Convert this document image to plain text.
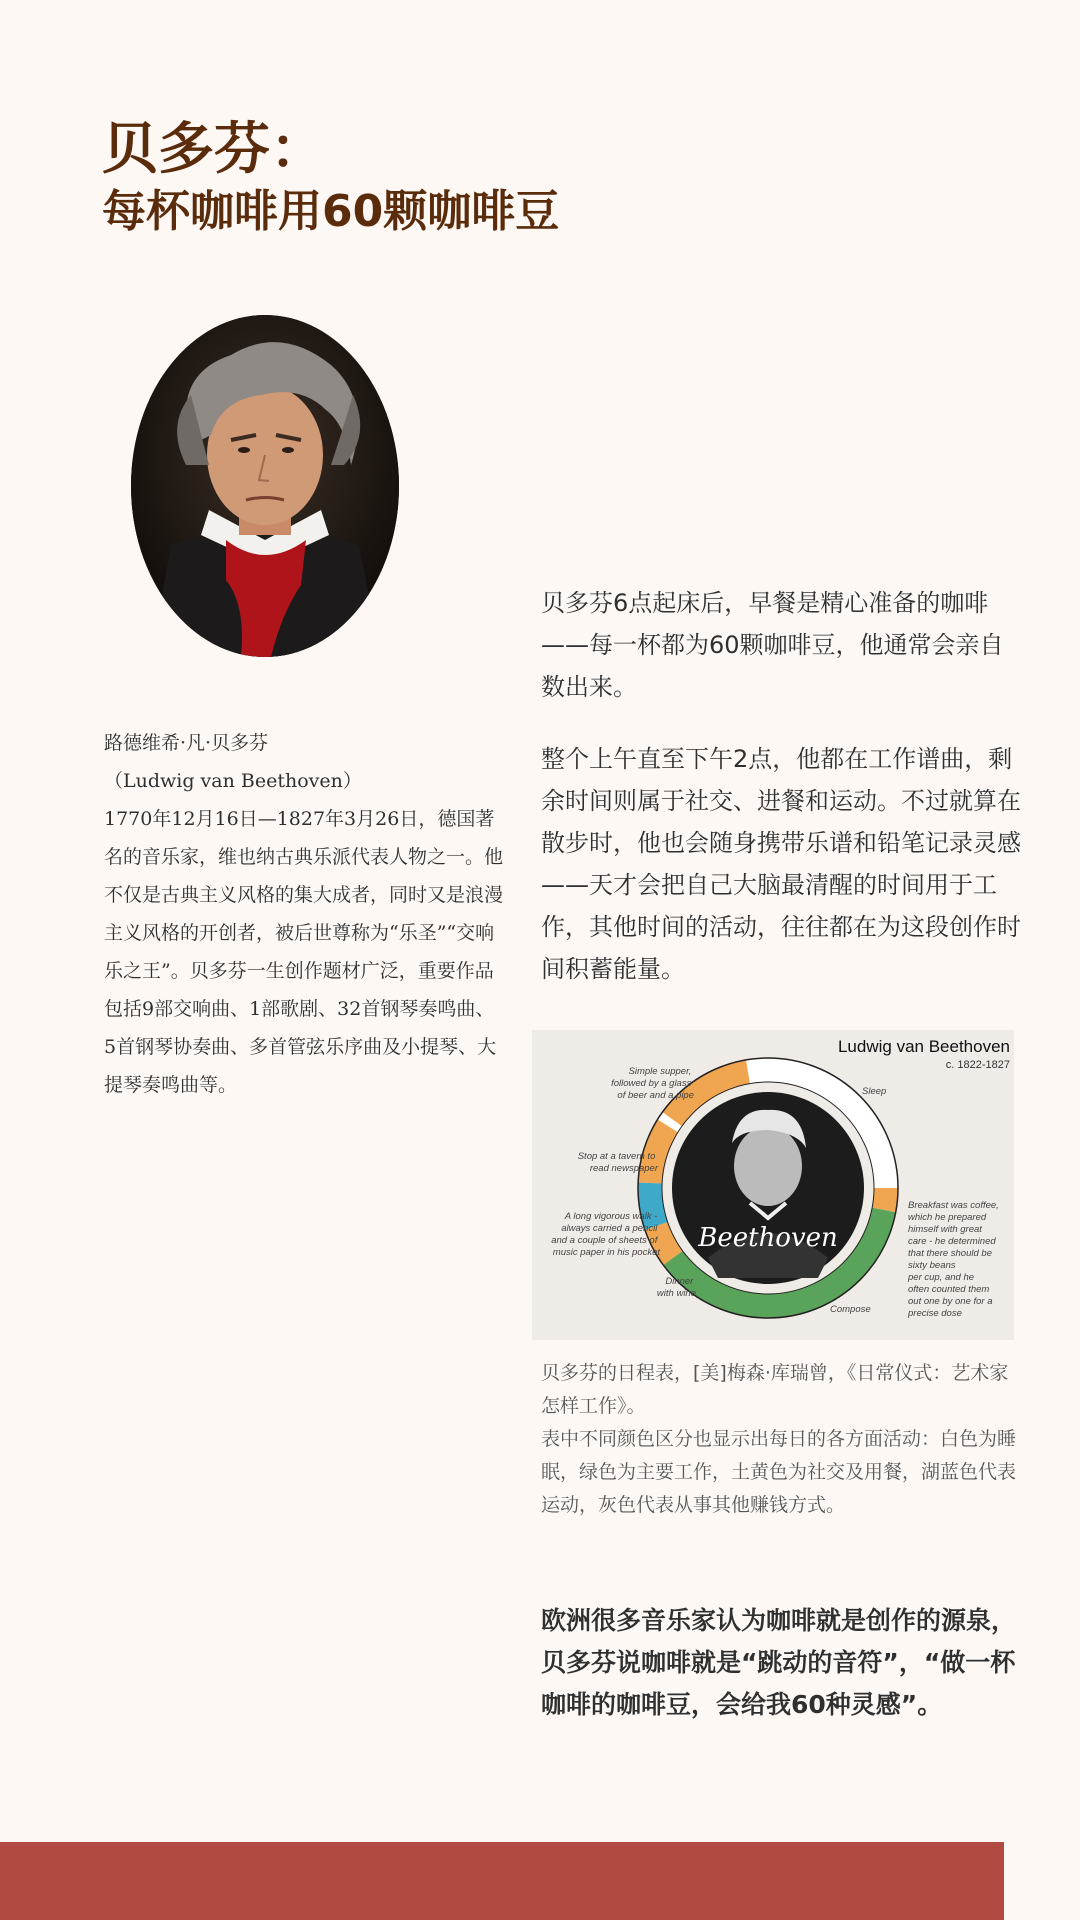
贝多芬：
每杯咖啡用60颗咖啡豆

路德维希·凡·贝多芬

（Ludwig van Beethoven）

1770年12月16日—1827年3月26日，德国著名的音乐家，维也纳古典乐派代表人物之一。他不仅是古典主义风格的集大成者，同时又是浪漫主义风格的开创者，被后世尊称为“乐圣”“交响乐之王”。贝多芬一生创作题材广泛，重要作品包括9部交响曲、1部歌剧、32首钢琴奏鸣曲、5首钢琴协奏曲、多首管弦乐序曲及小提琴、大提琴奏鸣曲等。

贝多芬6点起床后，早餐是精心准备的咖啡——每一杯都为60颗咖啡豆，他通常会亲自数出来。

整个上午直至下午2点，他都在工作谱曲，剩余时间则属于社交、进餐和运动。不过就算在散步时，他也会随身携带乐谱和铅笔记录灵感——天才会把自己大脑最清醒的时间用于工作，其他时间的活动，往往都在为这段创作时间积蓄能量。

Ludwig van Beethoven
c. 1822-1827
Beethoven
Simple supper, followed by a glass of beer and a pipe	Sleep
Stop at a tavern to read newspaper
A long vigorous walk - always carried a pencil and a couple of sheets of music paper in his pocket
Dinner with wine
Compose
Breakfast was coffee, which he prepared himself with great care - he determined that there should be sixty beans per cup, and he often counted them out one by one for a precise dose

贝多芬的日程表，[美]梅森·库瑞曾，《日常仪式：艺术家怎样工作》。

表中不同颜色区分也显示出每日的各方面活动：白色为睡眠，绿色为主要工作，土黄色为社交及用餐，湖蓝色代表运动，灰色代表从事其他赚钱方式。

欧洲很多音乐家认为咖啡就是创作的源泉，贝多芬说咖啡就是“跳动的音符”，“做一杯咖啡的咖啡豆，会给我60种灵感”。
